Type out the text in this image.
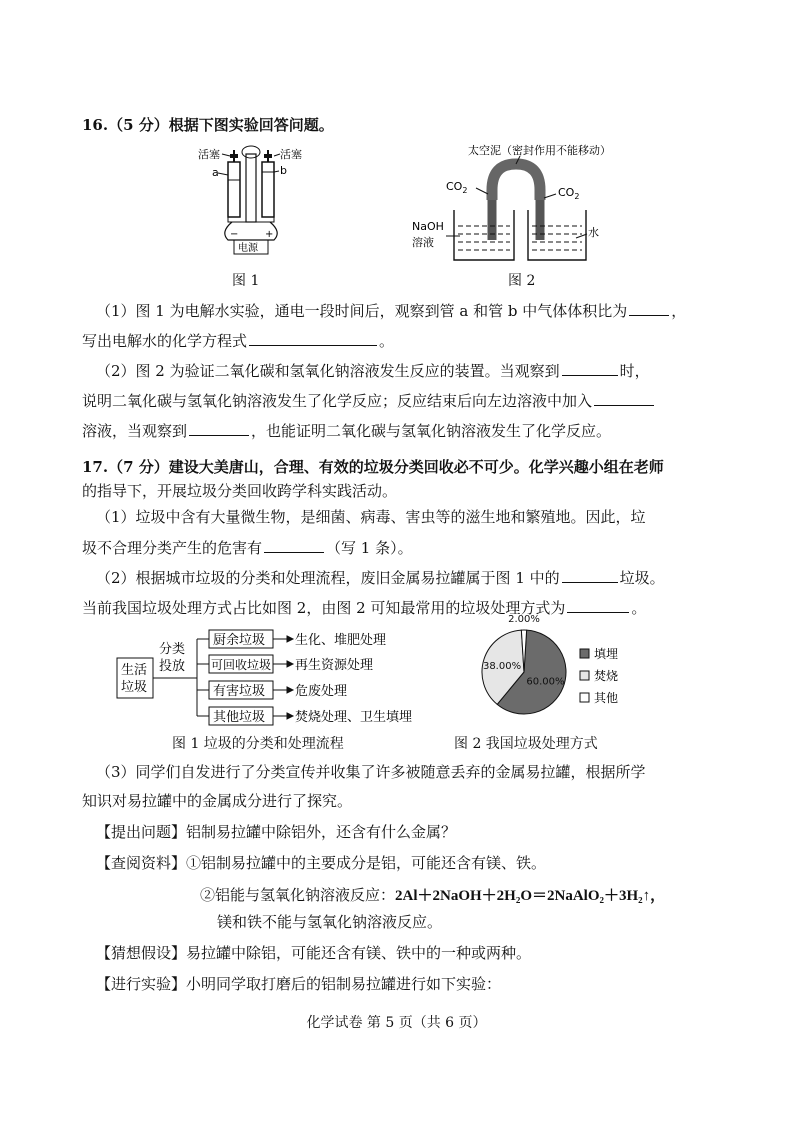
16.（5 分）根据下图实验回答问题。
−	+
电源
活塞	活塞
a	b
图 1
太空泥（密封作用不能移动）
$CO_2$	$CO_2$
NaOH
溶液
水
图 2
（1）图 1 为电解水实验，通电一段时间后，观察到管 a 和管 b 中气体体积比为	，
写出电解水的化学方程式	。
（2）图 2 为验证二氧化碳和氢氧化钠溶液发生反应的装置。当观察到	时，
说明二氧化碳与氢氧化钠溶液发生了化学反应；反应结束后向左边溶液中加入
溶液，当观察到	，也能证明二氧化碳与氢氧化钠溶液发生了化学反应。
17.（7 分）建设大美唐山，合理、有效的垃圾分类回收必不可少。化学兴趣小组在老师
的指导下，开展垃圾分类回收跨学科实践活动。
（1）垃圾中含有大量微生物，是细菌、病毒、害虫等的滋生地和繁殖地。因此，垃
圾不合理分类产生的危害有	（写 1 条）。
（2）根据城市垃圾的分类和处理流程，废旧金属易拉罐属于图 1 中的	垃圾。
当前我国垃圾处理方式占比如图 2，由图 2 可知最常用的垃圾处理方式为	。
生活
垃圾
分类
投放
厨余垃圾
可回收垃圾
有害垃圾
其他垃圾
生化、堆肥处理
再生资源处理
危废处理
焚烧处理、卫生填埋
图 1 垃圾的分类和处理流程
60.00%
38.00%
2.00%
填埋
焚烧
其他
图 2 我国垃圾处理方式
（3）同学们自发进行了分类宣传并收集了许多被随意丢弃的金属易拉罐，根据所学
知识对易拉罐中的金属成分进行了探究。
【提出问题】铝制易拉罐中除铝外，还含有什么金属？
【查阅资料】①铝制易拉罐中的主要成分是铝，可能还含有镁、铁。
②铝能与氢氧化钠溶液反应：2Al＋2NaOH＋2H₂O＝2NaAlO₂＋3H₂↑，
镁和铁不能与氢氧化钠溶液反应。
【猜想假设】易拉罐中除铝，可能还含有镁、铁中的一种或两种。
【进行实验】小明同学取打磨后的铝制易拉罐进行如下实验：
化学试卷 第 5 页（共 6 页）
